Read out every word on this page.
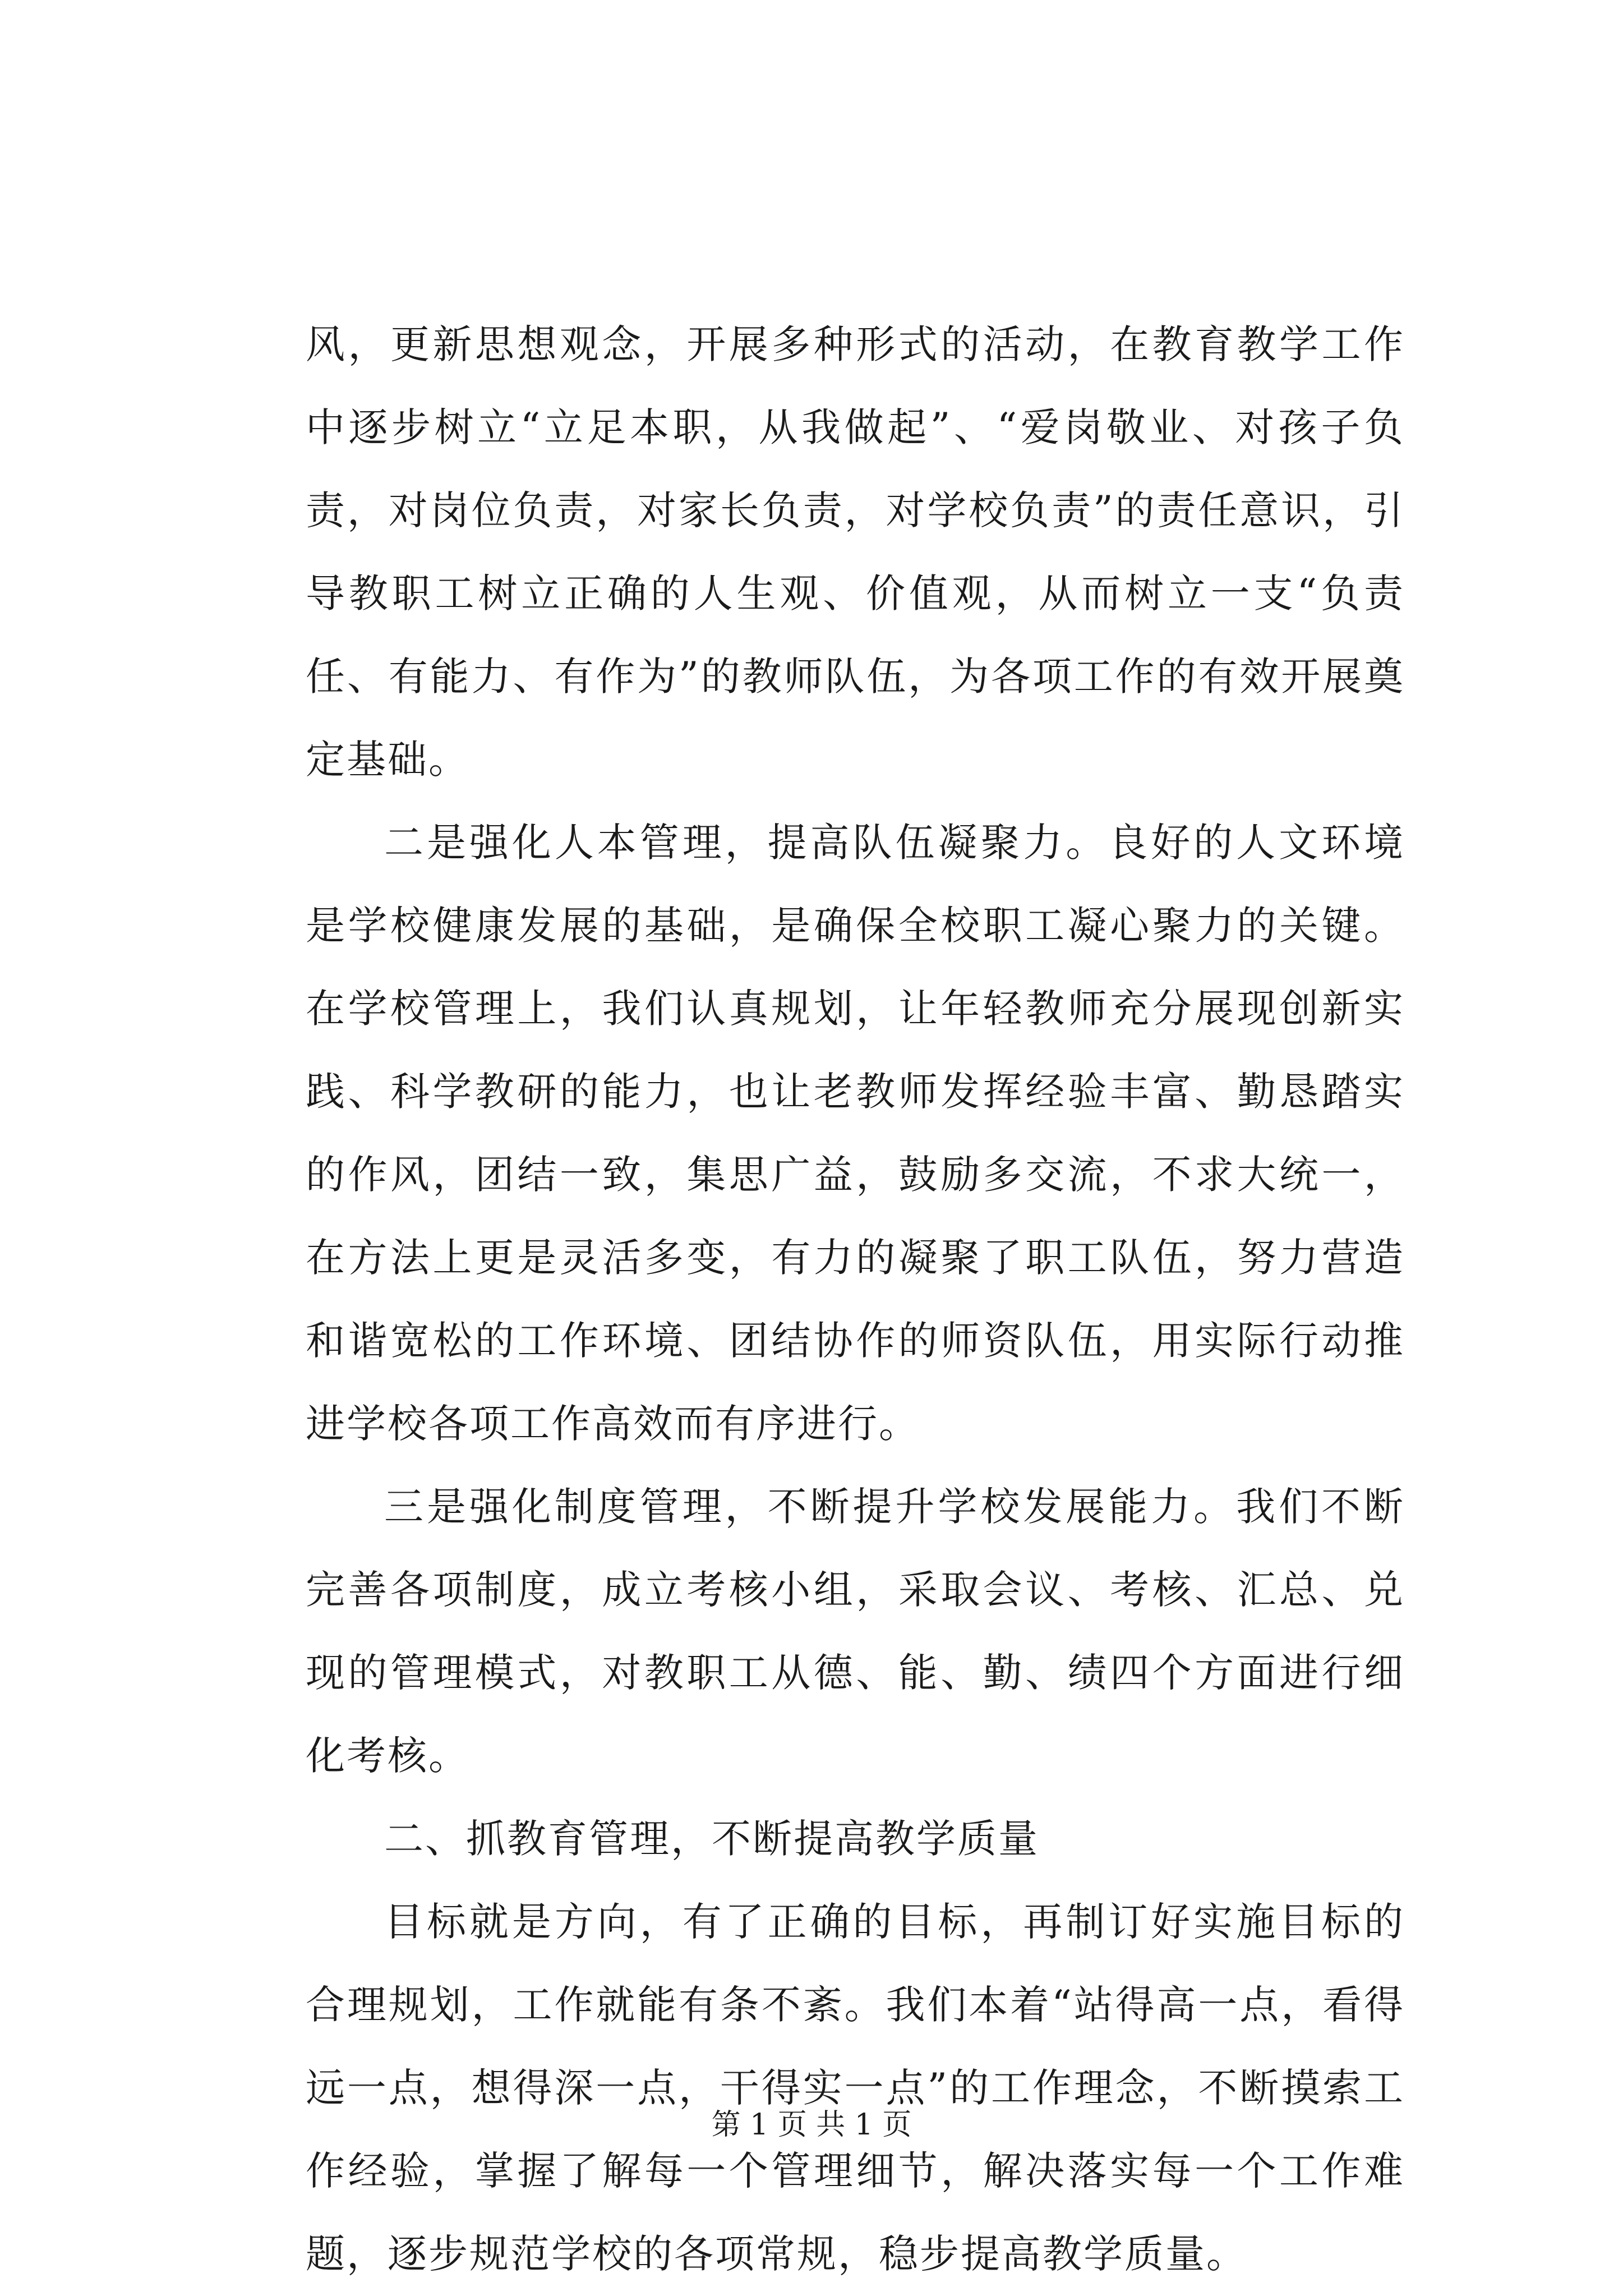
风，更新思想观念，开展多种形式的活动，在教育教学工作中逐步树立“立足本职，从我做起”、“爱岗敬业、对孩子负责，对岗位负责，对家长负责，对学校负责”的责任意识，引导教职工树立正确的人生观、价值观，从而树立一支“负责任、有能力、有作为”的教师队伍，为各项工作的有效开展奠定基础。

二是强化人本管理，提高队伍凝聚力。良好的人文环境是学校健康发展的基础，是确保全校职工凝心聚力的关键。在学校管理上，我们认真规划，让年轻教师充分展现创新实践、科学教研的能力，也让老教师发挥经验丰富、勤恳踏实的作风，团结一致，集思广益，鼓励多交流，不求大统一，在方法上更是灵活多变，有力的凝聚了职工队伍，努力营造和谐宽松的工作环境、团结协作的师资队伍，用实际行动推进学校各项工作高效而有序进行。

三是强化制度管理，不断提升学校发展能力。我们不断完善各项制度，成立考核小组，采取会议、考核、汇总、兑现的管理模式，对教职工从德、能、勤、绩四个方面进行细化考核。

二、抓教育管理，不断提高教学质量

目标就是方向，有了正确的目标，再制订好实施目标的合理规划，工作就能有条不紊。我们本着“站得高一点，看得远一点，想得深一点，干得实一点”的工作理念，不断摸索工作经验，掌握了解每一个管理细节，解决落实每一个工作难题，逐步规范学校的各项常规，稳步提高教学质量。

第 1 页 共 1 页
